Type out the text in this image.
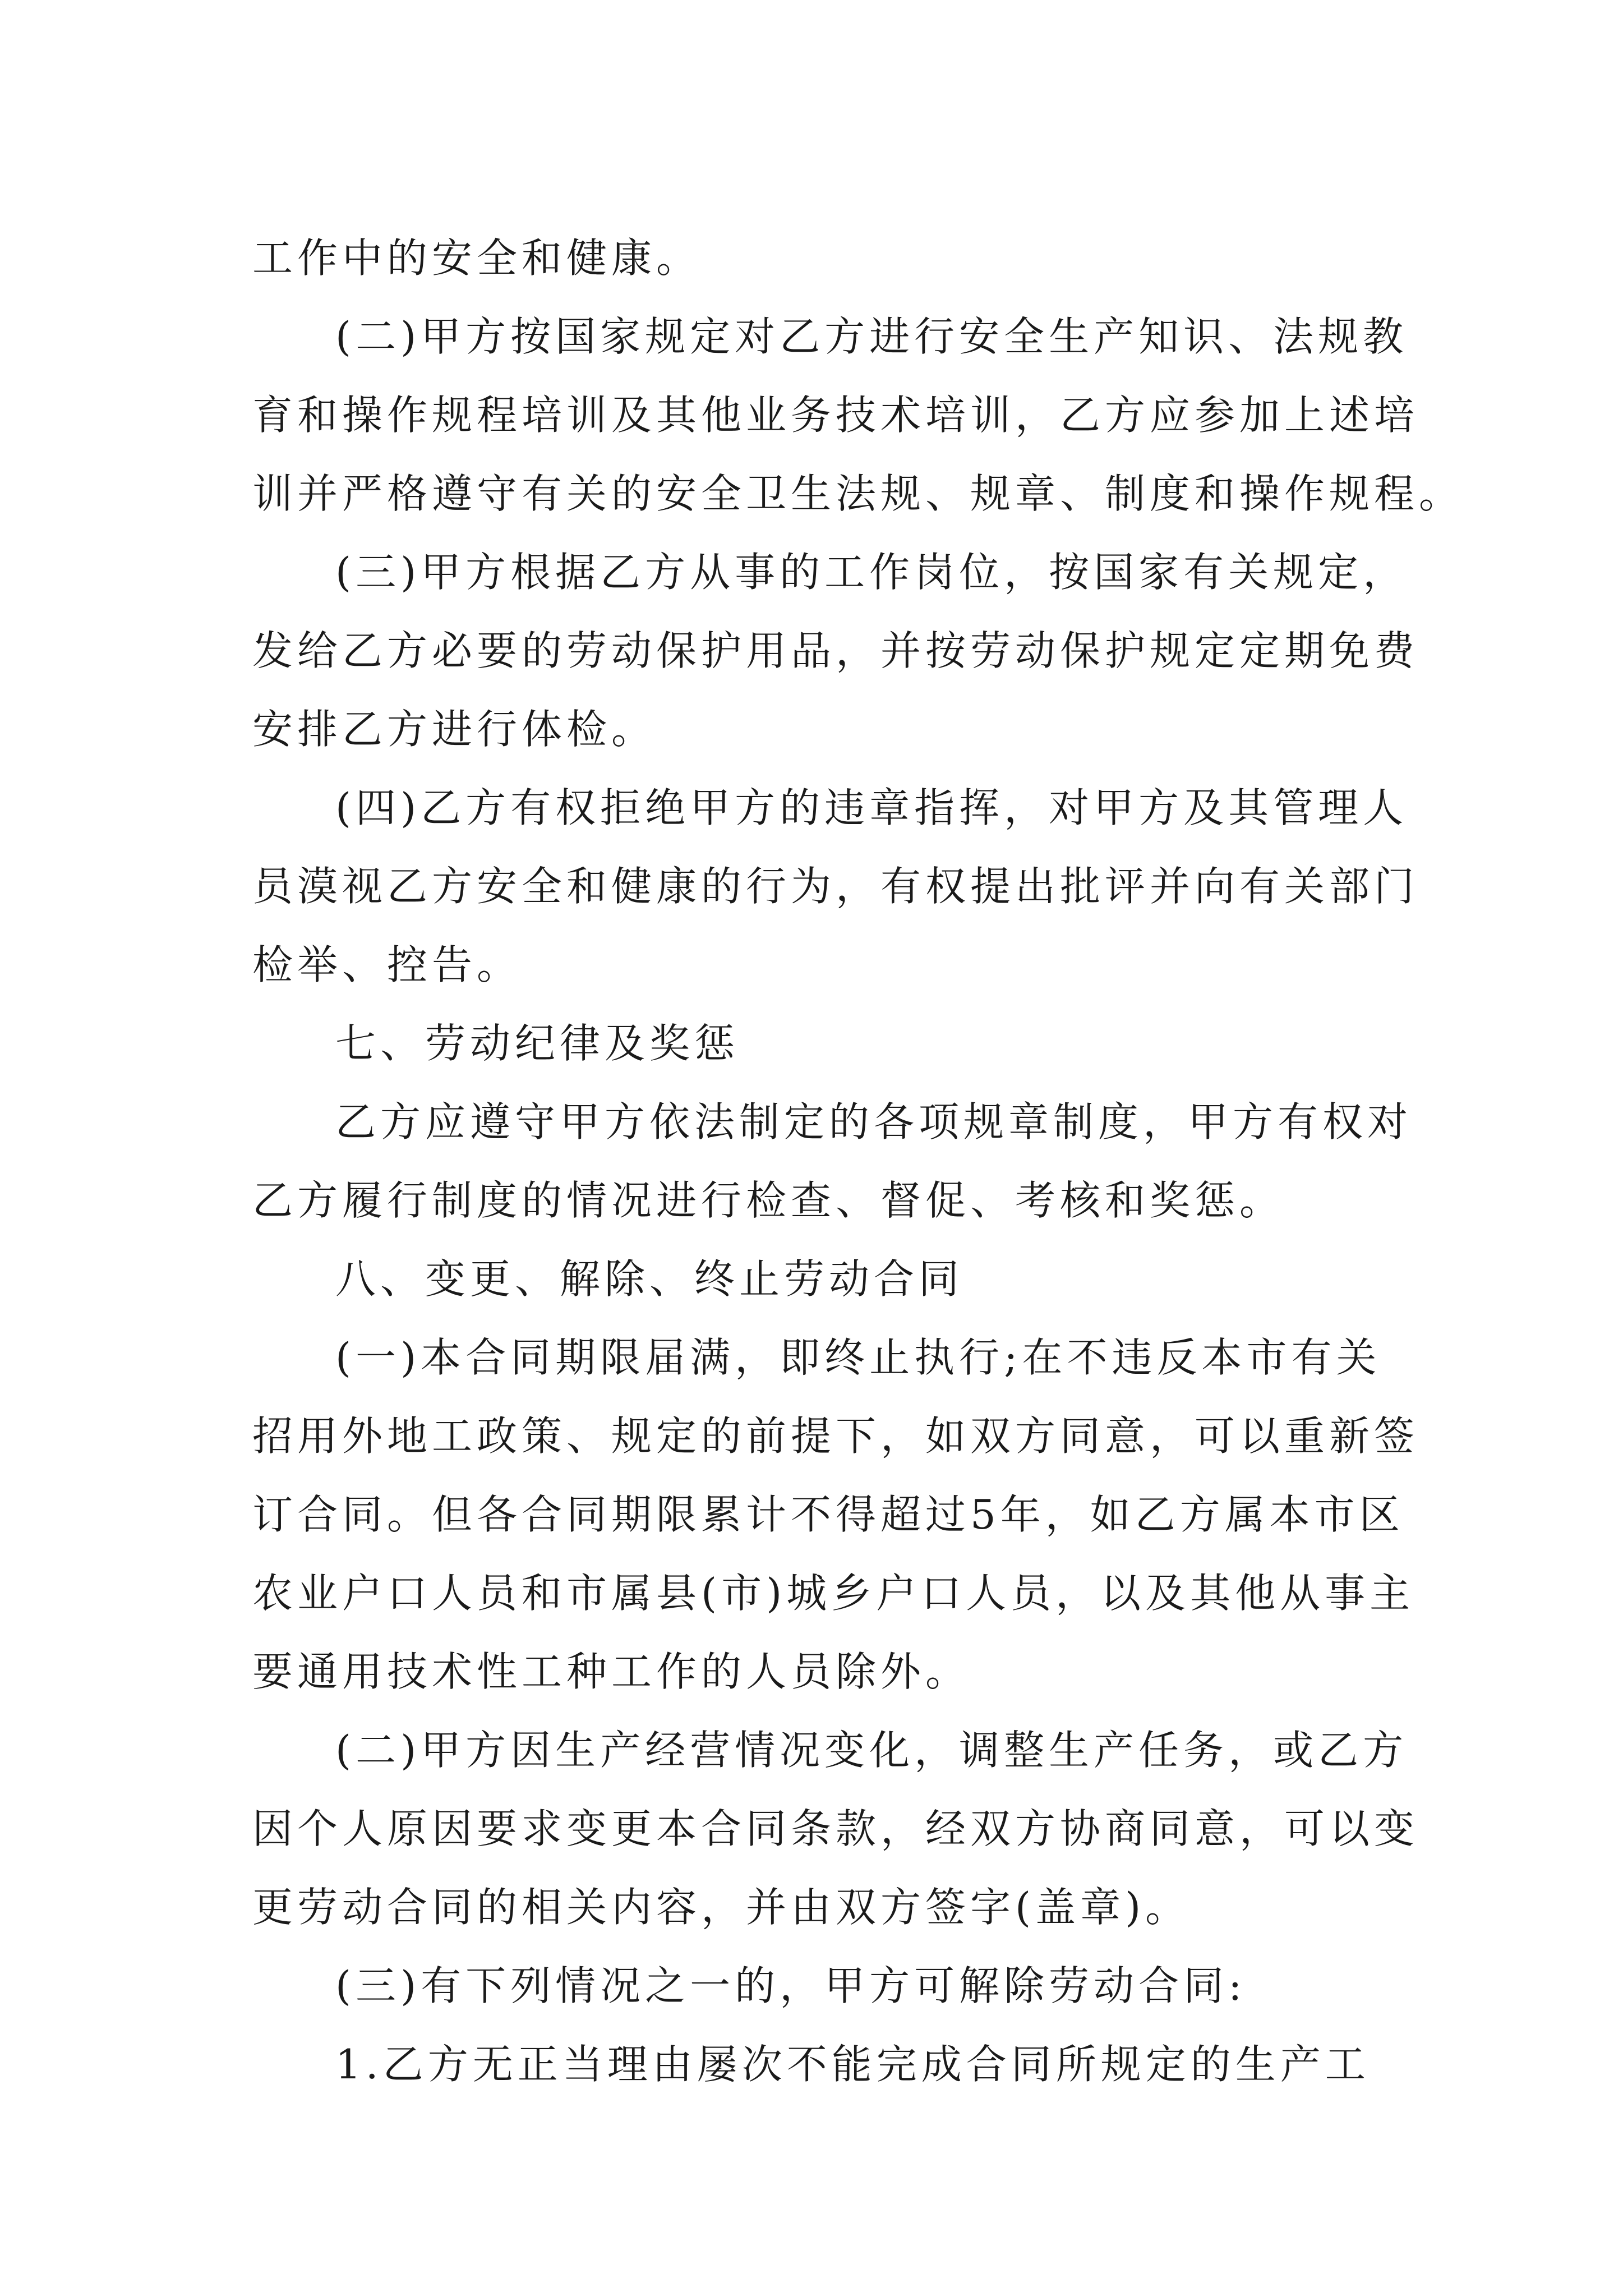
工作中的安全和健康。
(二)甲方按国家规定对乙方进行安全生产知识、法规教
育和操作规程培训及其他业务技术培训，乙方应参加上述培
训并严格遵守有关的安全卫生法规、规章、制度和操作规程。
(三)甲方根据乙方从事的工作岗位，按国家有关规定，
发给乙方必要的劳动保护用品，并按劳动保护规定定期免费
安排乙方进行体检。
(四)乙方有权拒绝甲方的违章指挥，对甲方及其管理人
员漠视乙方安全和健康的行为，有权提出批评并向有关部门
检举、控告。
七、劳动纪律及奖惩
乙方应遵守甲方依法制定的各项规章制度，甲方有权对
乙方履行制度的情况进行检查、督促、考核和奖惩。
八、变更、解除、终止劳动合同
(一)本合同期限届满，即终止执行;在不违反本市有关
招用外地工政策、规定的前提下，如双方同意，可以重新签
订合同。但各合同期限累计不得超过5年，如乙方属本市区
农业户口人员和市属县(市)城乡户口人员，以及其他从事主
要通用技术性工种工作的人员除外。
(二)甲方因生产经营情况变化，调整生产任务，或乙方
因个人原因要求变更本合同条款，经双方协商同意，可以变
更劳动合同的相关内容，并由双方签字(盖章)。
(三)有下列情况之一的，甲方可解除劳动合同:
1.乙方无正当理由屡次不能完成合同所规定的生产工
